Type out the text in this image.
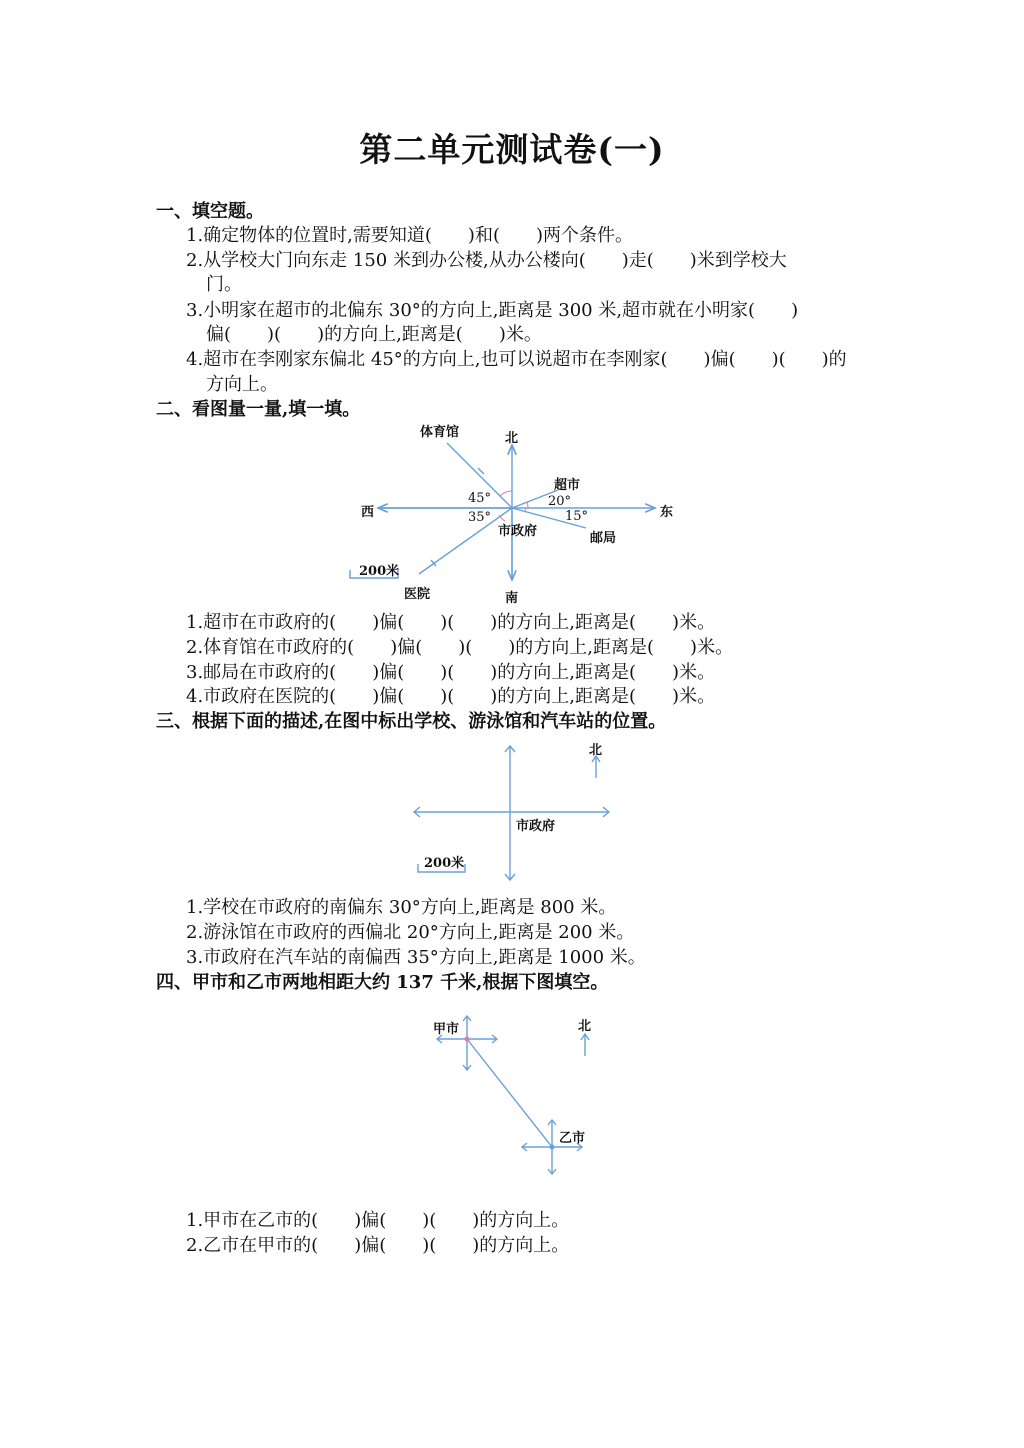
第二单元测试卷(一)
一、填空题。
1.确定物体的位置时,需要知道(　　)和(　　)两个条件。
2.从学校大门向东走 150 米到办公楼,从办公楼向(　　)走(　　)米到学校大
门。
3.小明家在超市的北偏东 30°的方向上,距离是 300 米,超市就在小明家(　　)
偏(　　)(　　)的方向上,距离是(　　)米。
4.超市在李刚家东偏北 45°的方向上,也可以说超市在李刚家(　　)偏(　　)(　　)的
方向上。
二、看图量一量,填一填。
体育馆	北
超市
西	东
45°	20°
35°	15°
市政府	邮局
200米
医院	南
1.超市在市政府的(　　)偏(　　)(　　)的方向上,距离是(　　)米。
2.体育馆在市政府的(　　)偏(　　)(　　)的方向上,距离是(　　)米。
3.邮局在市政府的(　　)偏(　　)(　　)的方向上,距离是(　　)米。
4.市政府在医院的(　　)偏(　　)(　　)的方向上,距离是(　　)米。
三、根据下面的描述,在图中标出学校、游泳馆和汽车站的位置。
北
市政府
200米
1.学校在市政府的南偏东 30°方向上,距离是 800 米。
2.游泳馆在市政府的西偏北 20°方向上,距离是 200 米。
3.市政府在汽车站的南偏西 35°方向上,距离是 1000 米。
四、甲市和乙市两地相距大约 137 千米,根据下图填空。
甲市	北
乙市
1.甲市在乙市的(　　)偏(　　)(　　)的方向上。
2.乙市在甲市的(　　)偏(　　)(　　)的方向上。
